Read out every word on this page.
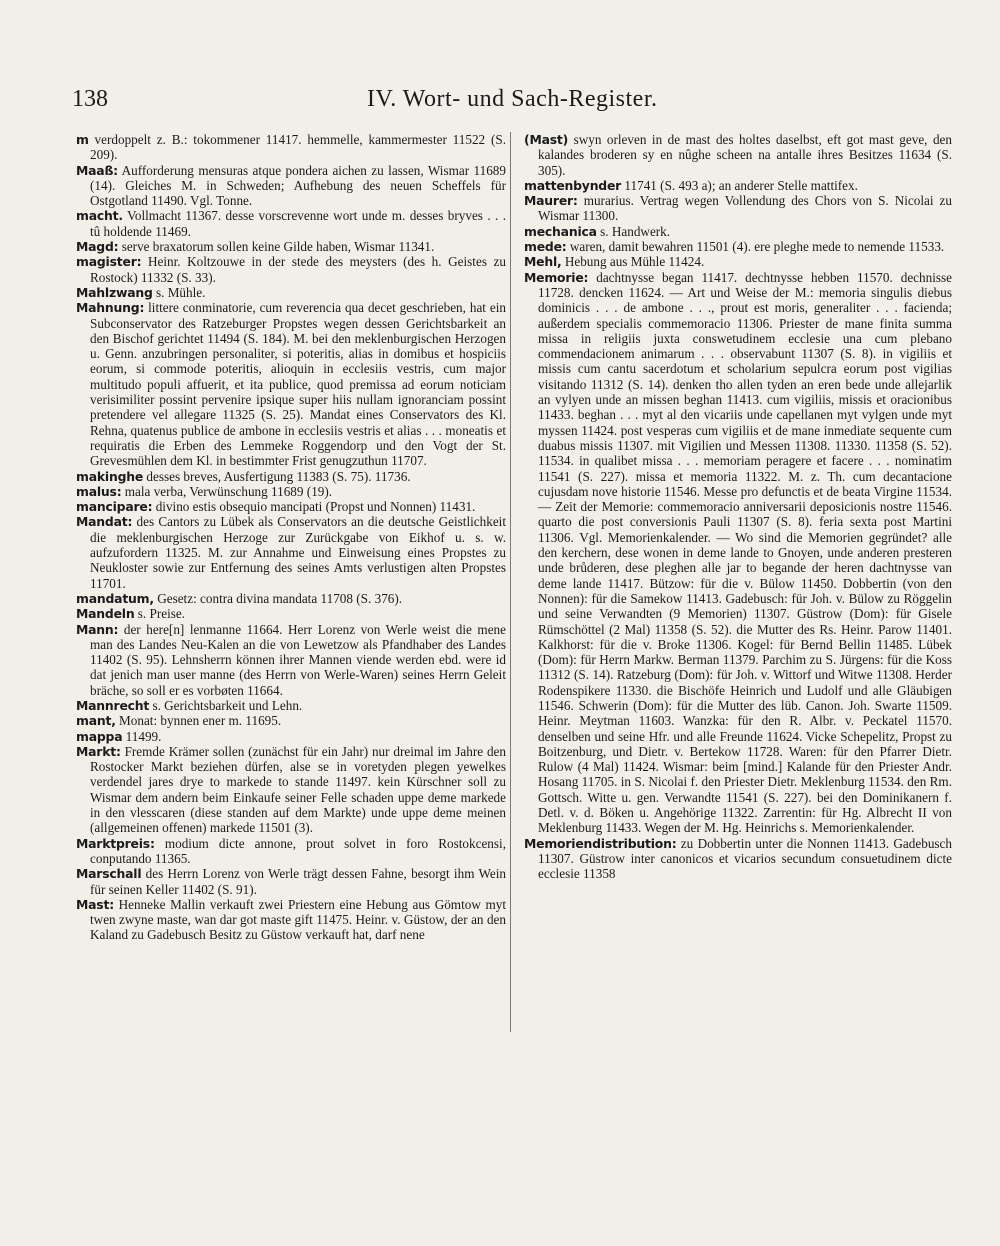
138	IV. Wort- und Sach-Register.

m verdoppelt z. B.: tokommener 11417. hemmelle, kammermester 11522 (S. 209).

Maaß: Aufforderung mensuras atque pondera aichen zu lassen, Wismar 11689 (14). Gleiches M. in Schweden; Aufhebung des neuen Scheffels für Ostgotland 11490. Vgl. Tonne.

macht. Vollmacht 11367. desse vorscrevenne wort unde m. desses bryves . . . tû holdende 11469.

Magd: serve braxatorum sollen keine Gilde haben, Wismar 11341.

magister: Heinr. Koltzouwe in der stede des meysters (des h. Geistes zu Rostock) 11332 (S. 33).

Mahlzwang s. Mühle.

Mahnung: littere conminatorie, cum reverencia qua decet geschrieben, hat ein Subconservator des Ratzeburger Propstes wegen dessen Gerichtsbarkeit an den Bischof gerichtet 11494 (S. 184). M. bei den meklenburgischen Herzogen u. Genn. anzubringen personaliter, si poteritis, alias in domibus et hospiciis eorum, si commode poteritis, alioquin in ecclesiis vestris, cum major multitudo populi affuerit, et ita publice, quod premissa ad eorum noticiam verisimiliter possint pervenire ipsique super hiis nullam ignoranciam possint pretendere vel allegare 11325 (S. 25). Mandat eines Conservators des Kl. Rehna, quatenus publice de ambone in ecclesiis vestris et alias . . . moneatis et requiratis die Erben des Lemmeke Roggendorp und den Vogt der St. Grevesmühlen dem Kl. in bestimmter Frist genugzuthun 11707.

makinghe desses breves, Ausfertigung 11383 (S. 75). 11736.

malus: mala verba, Verwünschung 11689 (19).

mancipare: divino estis obsequio mancipati (Propst und Nonnen) 11431.

Mandat: des Cantors zu Lübek als Conservators an die deutsche Geistlichkeit die meklenburgischen Herzoge zur Zurückgabe von Eikhof u. s. w. aufzufordern 11325. M. zur Annahme und Einweisung eines Propstes zu Neukloster sowie zur Entfernung des seines Amts verlustigen alten Propstes 11701.

mandatum, Gesetz: contra divina mandata 11708 (S. 376).

Mandeln s. Preise.

Mann: der here[n] lenmanne 11664. Herr Lorenz von Werle weist die mene man des Landes Neu-Kalen an die von Lewetzow als Pfandhaber des Landes 11402 (S. 95). Lehnsherrn können ihrer Mannen viende werden ebd. were id dat jenich man user manne (des Herrn von Werle-Waren) seines Herrn Geleit bräche, so soll er es vorbøten 11664.

Mannrecht s. Gerichtsbarkeit und Lehn.

mant, Monat: bynnen ener m. 11695.

mappa 11499.

Markt: Fremde Krämer sollen (zunächst für ein Jahr) nur dreimal im Jahre den Rostocker Markt beziehen dürfen, alse se in voretyden plegen yewelkes verdendel jares drye to markede to stande 11497. kein Kürschner soll zu Wismar dem andern beim Einkaufe seiner Felle schaden uppe deme markede in den vlesscaren (diese standen auf dem Markte) unde uppe deme meinen (allgemeinen offenen) markede 11501 (3).

Marktpreis: modium dicte annone, prout solvet in foro Rostokcensi, conputando 11365.

Marschall des Herrn Lorenz von Werle trägt dessen Fahne, besorgt ihm Wein für seinen Keller 11402 (S. 91).

Mast: Henneke Mallin verkauft zwei Priestern eine Hebung aus Gömtow myt twen zwyne maste, wan dar got maste gift 11475. Heinr. v. Güstow, der an den Kaland zu Gadebusch Besitz zu Güstow verkauft hat, darf nene

(Mast) swyn orleven in de mast des holtes daselbst, eft got mast geve, den kalandes broderen sy en nûghe scheen na antalle ihres Besitzes 11634 (S. 305).

mattenbynder 11741 (S. 493 a); an anderer Stelle mattifex.

Maurer: murarius. Vertrag wegen Vollendung des Chors von S. Nicolai zu Wismar 11300.

mechanica s. Handwerk.

mede: waren, damit bewahren 11501 (4). ere pleghe mede to nemende 11533.

Mehl, Hebung aus Mühle 11424.

Memorie: dachtnysse began 11417. dechtnysse hebben 11570. dechnisse 11728. dencken 11624. — Art und Weise der M.: memoria singulis diebus dominicis . . . de ambone . . ., prout est moris, generaliter . . . facienda; außerdem specialis commemoracio 11306. Priester de mane finita summa missa in religiis juxta conswetudinem ecclesie una cum plebano commendacionem animarum . . . observabunt 11307 (S. 8). in vigiliis et missis cum cantu sacerdotum et scholarium sepulcra eorum post vigilias visitando 11312 (S. 14). denken tho allen tyden an eren bede unde allejarlik an vylyen unde an missen beghan 11413. cum vigiliis, missis et oracionibus 11433. beghan . . . myt al den vicariis unde capellanen myt vylgen unde myt myssen 11424. post vesperas cum vigiliis et de mane inmediate sequente cum duabus missis 11307. mit Vigilien und Messen 11308. 11330. 11358 (S. 52). 11534. in qualibet missa . . . memoriam peragere et facere . . . nominatim 11541 (S. 227). missa et memoria 11322. M. z. Th. cum decantacione cujusdam nove historie 11546. Messe pro defunctis et de beata Virgine 11534. — Zeit der Memorie: commemoracio anniversarii deposicionis nostre 11546. quarto die post conversionis Pauli 11307 (S. 8). feria sexta post Martini 11306. Vgl. Memorienkalender. — Wo sind die Memorien gegründet? alle den kerchern, dese wonen in deme lande to Gnoyen, unde anderen presteren unde brůderen, dese pleghen alle jar to begande der heren dachtnysse van deme lande 11417. Bützow: für die v. Bülow 11450. Dobbertin (von den Nonnen): für die Samekow 11413. Gadebusch: für Joh. v. Bülow zu Röggelin und seine Verwandten (9 Memorien) 11307. Güstrow (Dom): für Gisele Rümschöttel (2 Mal) 11358 (S. 52). die Mutter des Rs. Heinr. Parow 11401. Kalkhorst: für die v. Broke 11306. Kogel: für Bernd Bellin 11485. Lübek (Dom): für Herrn Markw. Berman 11379. Parchim zu S. Jürgens: für die Koss 11312 (S. 14). Ratzeburg (Dom): für Joh. v. Wittorf und Witwe 11308. Herder Rodenspikere 11330. die Bischöfe Heinrich und Ludolf und alle Gläubigen 11546. Schwerin (Dom): für die Mutter des lüb. Canon. Joh. Swarte 11509. Heinr. Meytman 11603. Wanzka: für den R. Albr. v. Peckatel 11570. denselben und seine Hfr. und alle Freunde 11624. Vicke Schepelitz, Propst zu Boitzenburg, und Dietr. v. Bertekow 11728. Waren: für den Pfarrer Dietr. Rulow (4 Mal) 11424. Wismar: beim [mind.] Kalande für den Priester Andr. Hosang 11705. in S. Nicolai f. den Priester Dietr. Meklenburg 11534. den Rm. Gottsch. Witte u. gen. Verwandte 11541 (S. 227). bei den Dominikanern f. Detl. v. d. Böken u. Angehörige 11322. Zarrentin: für Hg. Albrecht II von Meklenburg 11433. Wegen der M. Hg. Heinrichs s. Memorienkalender.

Memoriendistribution: zu Dobbertin unter die Nonnen 11413. Gadebusch 11307. Güstrow inter canonicos et vicarios secundum consuetudinem dicte ecclesie 11358
